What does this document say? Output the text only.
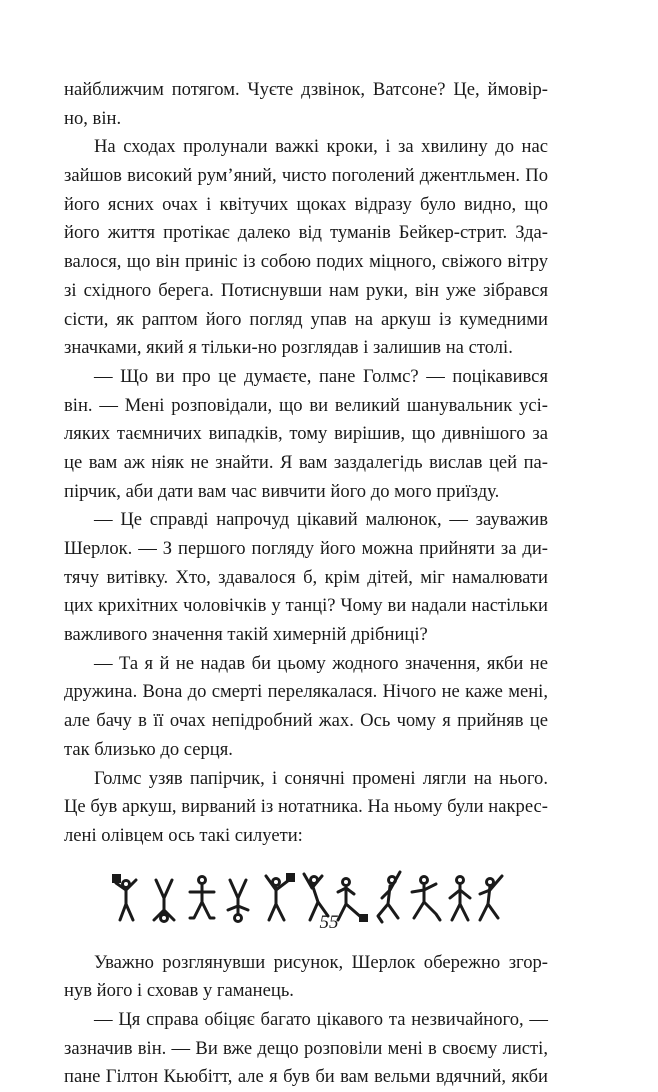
найближчим потягом. Чуєте дзвінок, Ватсоне? Це, ймовір-
но, він.
На сходах пролунали важкі кроки, і за хвилину до нас
зайшов високий рум’яний, чисто поголений джентльмен. По
його ясних очах і квітучих щоках відразу було видно, що
його життя протікає далеко від туманів Бейкер-стрит. Зда-
валося, що він приніс із собою подих міцного, свіжого вітру
зі східного берега. Потиснувши нам руки, він уже зібрався
сісти, як раптом його погляд упав на аркуш із кумедними
значками, який я тільки-но розглядав і залишив на столі.
— Що ви про це думаєте, пане Голмс? — поцікавився
він. — Мені розповідали, що ви великий шанувальник усі-
ляких таємничих випадків, тому вирішив, що дивнішого за
це вам аж ніяк не знайти. Я вам заздалегідь вислав цей па-
пірчик, аби дати вам час вивчити його до мого приїзду.
— Це справді напрочуд цікавий малюнок, — зауважив
Шерлок. — З першого погляду його можна прийняти за ди-
тячу витівку. Хто, здавалося б, крім дітей, міг намалювати
цих крихітних чоловічків у танці? Чому ви надали настільки
важливого значення такій химерній дрібниці?
— Та я й не надав би цьому жодного значення, якби не
дружина. Вона до смерті перелякалася. Нічого не каже мені,
але бачу в її очах непідробний жах. Ось чому я прийняв це
так близько до серця.
Голмс узяв папірчик, і сонячні промені лягли на нього.
Це був аркуш, вирваний із нотатника. На ньому були накрес-
лені олівцем ось такі силуети:
Уважно розглянувши рисунок, Шерлок обережно згор-
нув його і сховав у гаманець.
— Ця справа обіцяє багато цікавого та незвичайного, —
зазначив він. — Ви вже дещо розповіли мені в своєму листі,
пане Гілтон Кьюбітт, але я був би вам вельми вдячний, якби
55
